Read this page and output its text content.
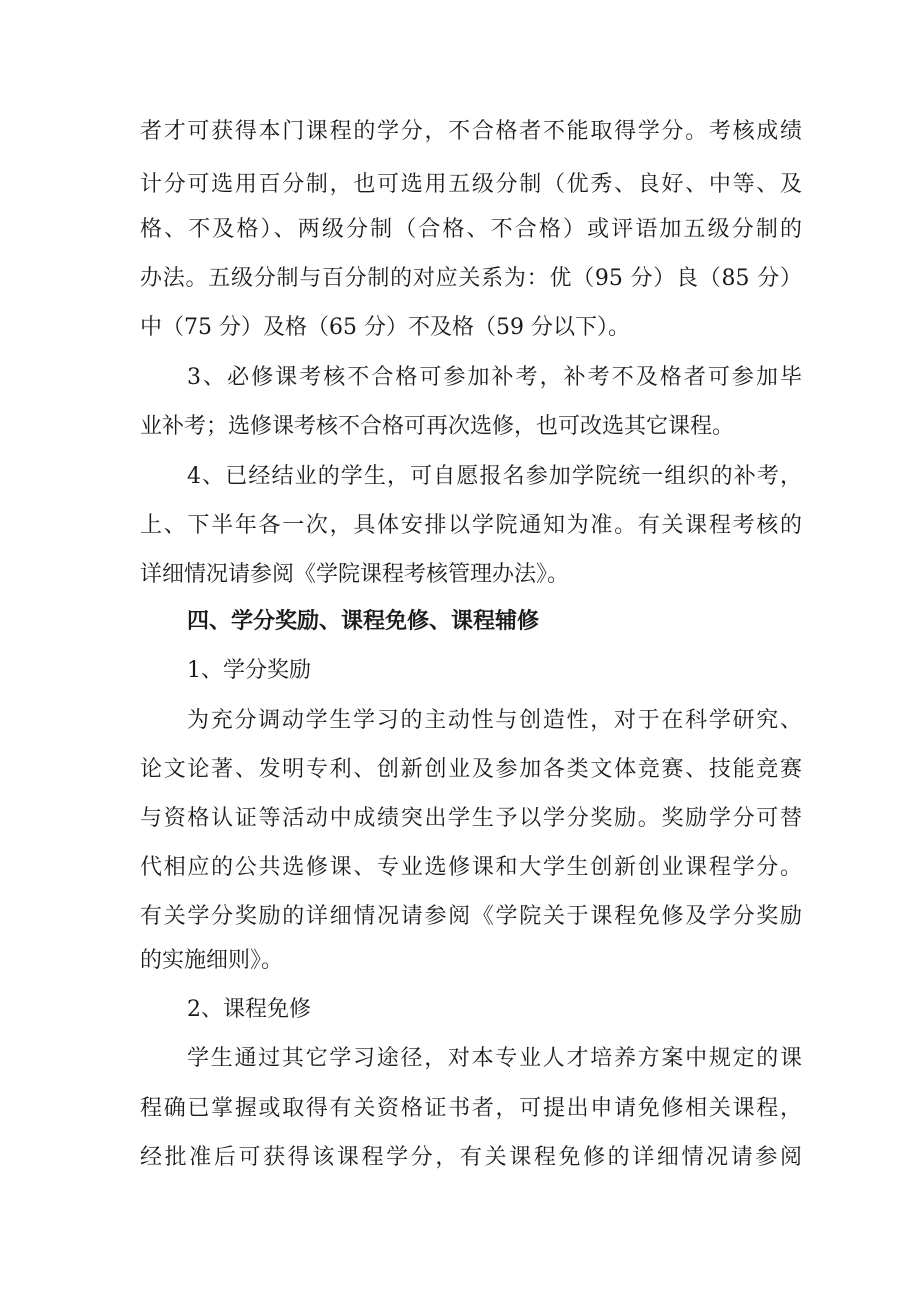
者才可获得本门课程的学分，不合格者不能取得学分。考核成绩
计分可选用百分制，也可选用五级分制（优秀、良好、中等、及
格、不及格）、两级分制（合格、不合格）或评语加五级分制的
办法。五级分制与百分制的对应关系为：优（95 分）良（85 分）
中（75 分）及格（65 分）不及格（59 分以下）。
3、必修课考核不合格可参加补考，补考不及格者可参加毕
业补考；选修课考核不合格可再次选修，也可改选其它课程。
4、已经结业的学生，可自愿报名参加学院统一组织的补考，
上、下半年各一次，具体安排以学院通知为准。有关课程考核的
详细情况请参阅《学院课程考核管理办法》。
四、学分奖励、课程免修、课程辅修
1、学分奖励
为充分调动学生学习的主动性与创造性，对于在科学研究、
论文论著、发明专利、创新创业及参加各类文体竞赛、技能竞赛
与资格认证等活动中成绩突出学生予以学分奖励。奖励学分可替
代相应的公共选修课、专业选修课和大学生创新创业课程学分。
有关学分奖励的详细情况请参阅《学院关于课程免修及学分奖励
的实施细则》。
2、课程免修
学生通过其它学习途径，对本专业人才培养方案中规定的课
程确已掌握或取得有关资格证书者，可提出申请免修相关课程，
经批准后可获得该课程学分，有关课程免修的详细情况请参阅
